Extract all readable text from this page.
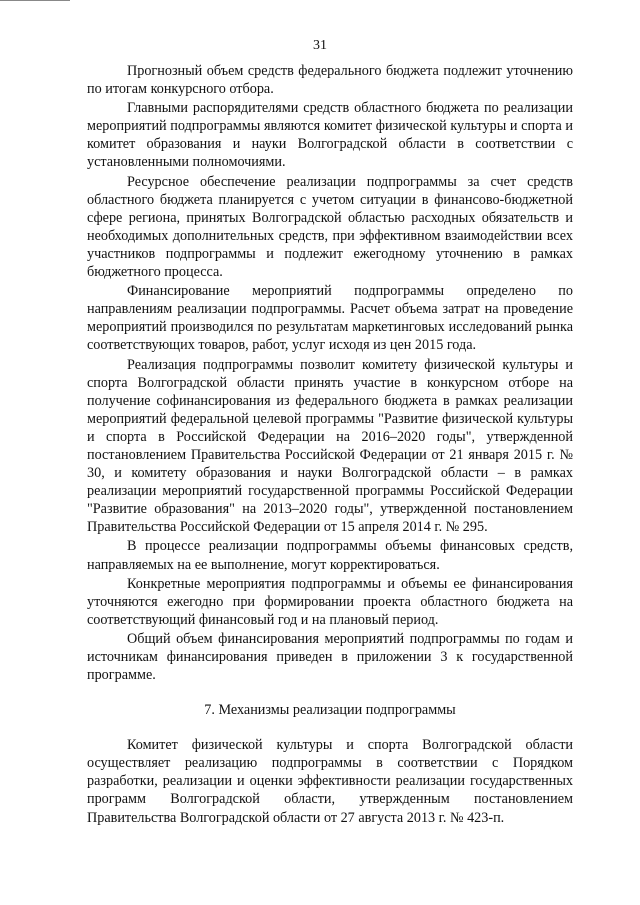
31

Прогнозный объем средств федерального бюджета подлежит уточнению по итогам конкурсного отбора.

Главными распорядителями средств областного бюджета по реализации мероприятий подпрограммы являются комитет физической культуры и спорта и комитет образования и науки Волгоградской области в соответствии с установленными полномочиями.

Ресурсное обеспечение реализации подпрограммы за счет средств областного бюджета планируется с учетом ситуации в финансово-бюджетной сфере региона, принятых Волгоградской областью расходных обязательств и необходимых дополнительных средств, при эффективном взаимодействии всех участников подпрограммы и подлежит ежегодному уточнению в рамках бюджетного процесса.

Финансирование мероприятий подпрограммы определено по направлениям реализации подпрограммы. Расчет объема затрат на проведение мероприятий производился по результатам маркетинговых исследований рынка соответствующих товаров, работ, услуг исходя из цен 2015 года.

Реализация подпрограммы позволит комитету физической культуры и спорта Волгоградской области принять участие в конкурсном отборе на получение софинансирования из федерального бюджета в рамках реализации мероприятий федеральной целевой программы "Развитие физической культуры и спорта в Российской Федерации на 2016–2020 годы", утвержденной постановлением Правительства Российской Федерации от 21 января 2015 г. № 30, и комитету образования и науки Волгоградской области – в рамках реализации мероприятий государственной программы Российской Федерации "Развитие образования" на 2013–2020 годы", утвержденной постановлением Правительства Российской Федерации от 15 апреля 2014 г. № 295.

В процессе реализации подпрограммы объемы финансовых средств, направляемых на ее выполнение, могут корректироваться.

Конкретные мероприятия подпрограммы и объемы ее финансирования уточняются ежегодно при формировании проекта областного бюджета на соответствующий финансовый год и на плановый период.

Общий объем финансирования мероприятий подпрограммы по годам и источникам финансирования приведен в приложении 3 к государственной программе.

7. Механизмы реализации подпрограммы

Комитет физической культуры и спорта Волгоградской области осуществляет реализацию подпрограммы в соответствии с Порядком разработки, реализации и оценки эффективности реализации государственных программ Волгоградской области, утвержденным постановлением Правительства Волгоградской области от 27 августа 2013 г. № 423-п.
